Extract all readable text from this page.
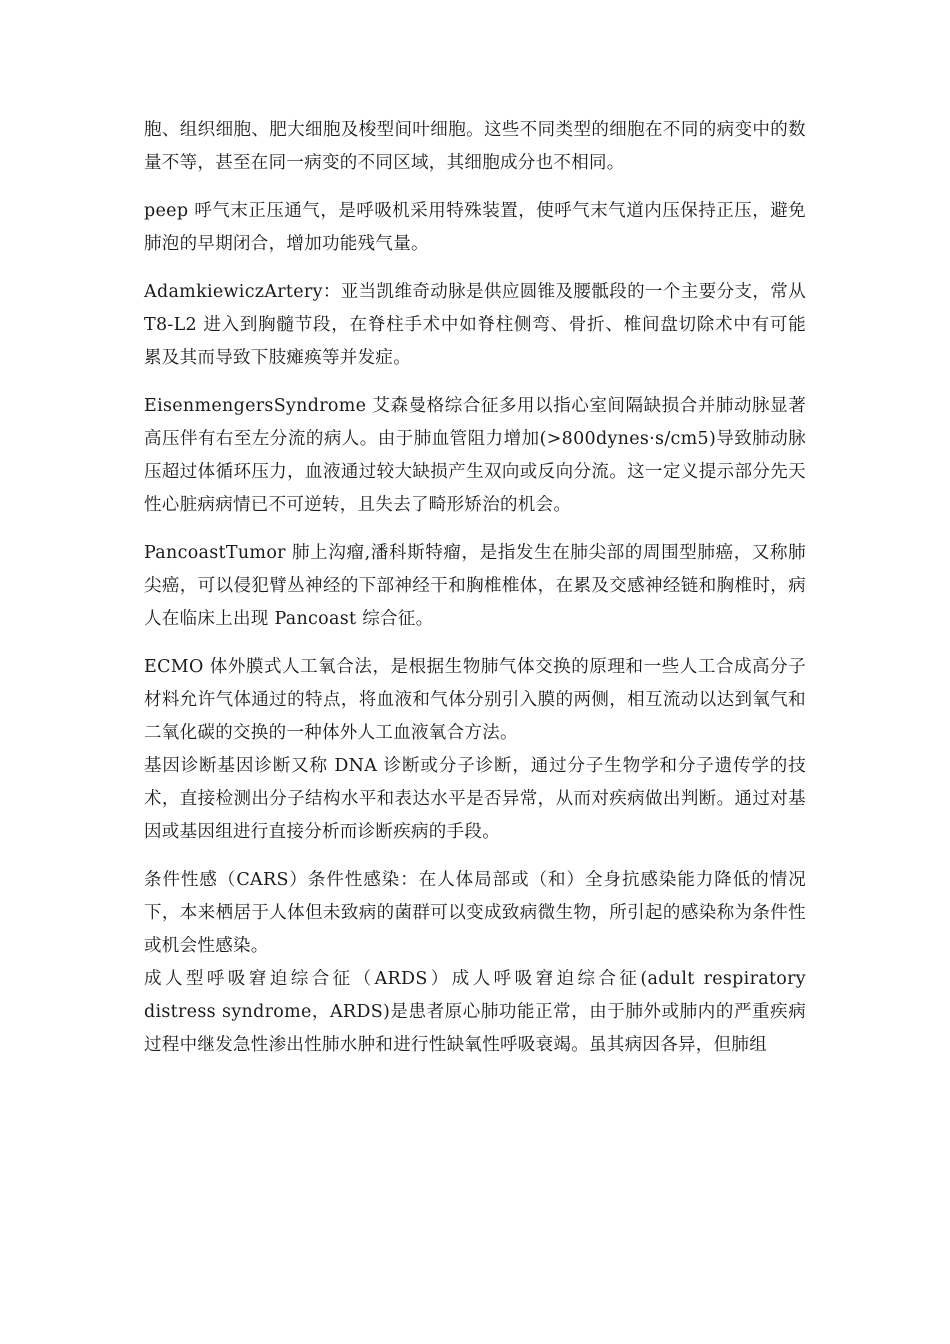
胞、组织细胞、肥大细胞及梭型间叶细胞。这些不同类型的细胞在不同的病变中的数量不等，甚至在同一病变的不同区域，其细胞成分也不相同。

peep 呼气末正压通气，是呼吸机采用特殊装置，使呼气末气道内压保持正压，避免肺泡的早期闭合，增加功能残气量。

AdamkiewiczArtery：亚当凯维奇动脉是供应圆锥及腰骶段的一个主要分支，常从 T8-L2 进入到胸髓节段，在脊柱手术中如脊柱侧弯、骨折、椎间盘切除术中有可能累及其而导致下肢瘫痪等并发症。

EisenmengersSyndrome 艾森曼格综合征多用以指心室间隔缺损合并肺动脉显著高压伴有右至左分流的病人。由于肺血管阻力增加(>800dynes·s/cm5)导致肺动脉压超过体循环压力，血液通过较大缺损产生双向或反向分流。这一定义提示部分先天性心脏病病情已不可逆转，且失去了畸形矫治的机会。

PancoastTumor 肺上沟瘤,潘科斯特瘤，是指发生在肺尖部的周围型肺癌，又称肺尖癌，可以侵犯臂丛神经的下部神经干和胸椎椎体，在累及交感神经链和胸椎时，病人在临床上出现 Pancoast 综合征。

ECMO 体外膜式人工氧合法，是根据生物肺气体交换的原理和一些人工合成高分子材料允许气体通过的特点，将血液和气体分别引入膜的两侧，相互流动以达到氧气和二氧化碳的交换的一种体外人工血液氧合方法。

基因诊断基因诊断又称 DNA 诊断或分子诊断，通过分子生物学和分子遗传学的技术，直接检测出分子结构水平和表达水平是否异常，从而对疾病做出判断。通过对基因或基因组进行直接分析而诊断疾病的手段。

条件性感（CARS）条件性感染：在人体局部或（和）全身抗感染能力降低的情况下，本来栖居于人体但未致病的菌群可以变成致病微生物，所引起的感染称为条件性或机会性感染。

成人型呼吸窘迫综合征（ARDS）成人呼吸窘迫综合征(adult respiratory distress syndrome，ARDS)是患者原心肺功能正常，由于肺外或肺内的严重疾病过程中继发急性渗出性肺水肿和进行性缺氧性呼吸衰竭。虽其病因各异，但肺组
